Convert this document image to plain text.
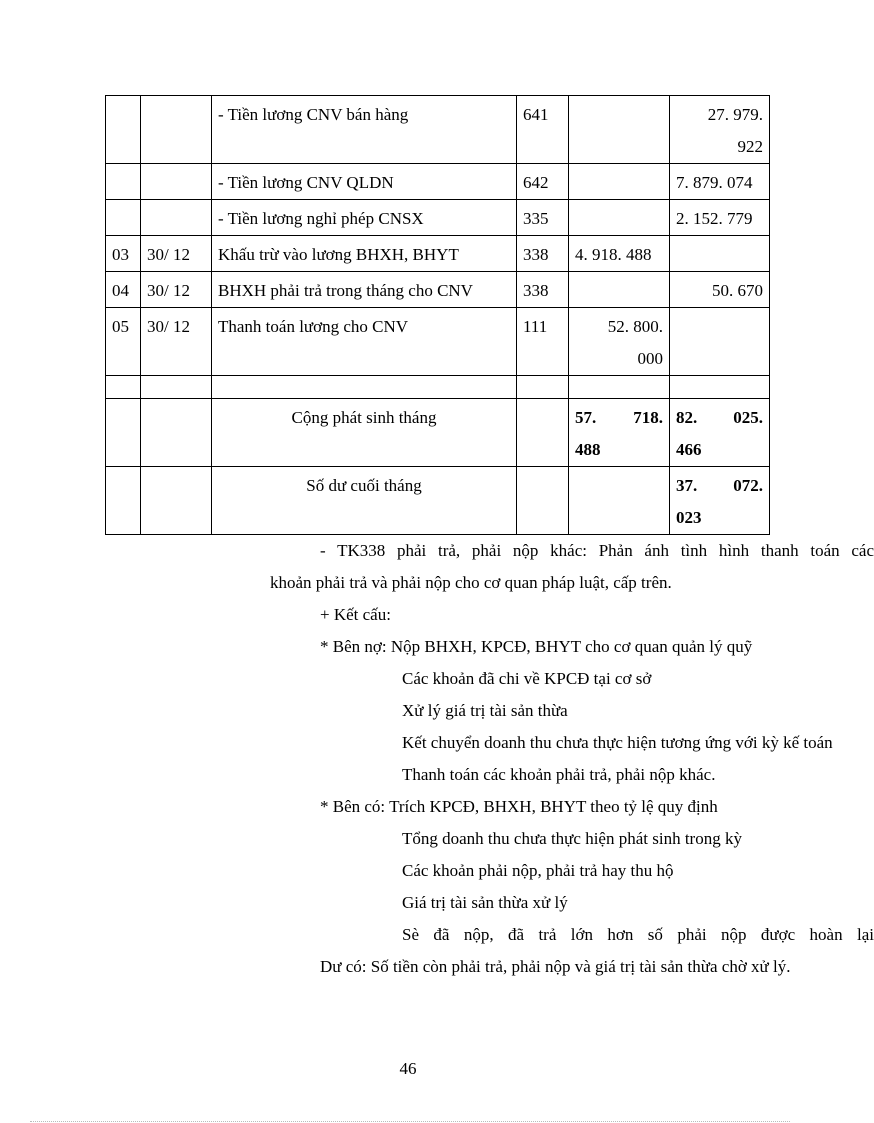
		- Tiền lương CNV bán hàng	641		27. 979.
922

		- Tiền lương CNV QLDN	642		7. 879. 074
		- Tiền lương nghỉ phép CNSX	335		2. 152. 779
03	30/ 12	Khấu trừ vào lương BHXH, BHYT	338	4. 918. 488	
04	30/ 12	BHXH phải trả trong tháng cho CNV	338		50. 670
05	30/ 12	Thanh toán lương cho CNV	111	52. 800.
000	

		Cộng phát sinh tháng		57. 718.
488	82. 025.
466

		Số dư cuối tháng			37. 072.
023
- TK338 phải trả, phải nộp khác: Phản ánh tình hình thanh toán các
khoản phải trả và phải nộp cho cơ quan pháp luật, cấp trên.
+ Kết cấu:
* Bên nợ: Nộp BHXH, KPCĐ, BHYT cho cơ quan quản lý quỹ
Các khoản đã chi về KPCĐ tại cơ sở
Xử lý giá trị tài sản thừa
Kết chuyển doanh thu chưa thực hiện tương ứng với kỳ kế toán
Thanh toán các khoản phải trả, phải nộp khác.
* Bên có: Trích KPCĐ, BHXH, BHYT theo tỷ lệ quy định
Tổng doanh thu chưa thực hiện phát sinh trong kỳ
Các khoản phải nộp, phải trả hay thu hộ
Giá trị tài sản thừa xử lý
Sè đã nộp, đã trả lớn hơn số phải nộp được hoàn lại
Dư có: Số tiền còn phải trả, phải nộp và giá trị tài sản thừa chờ xử lý.
46
